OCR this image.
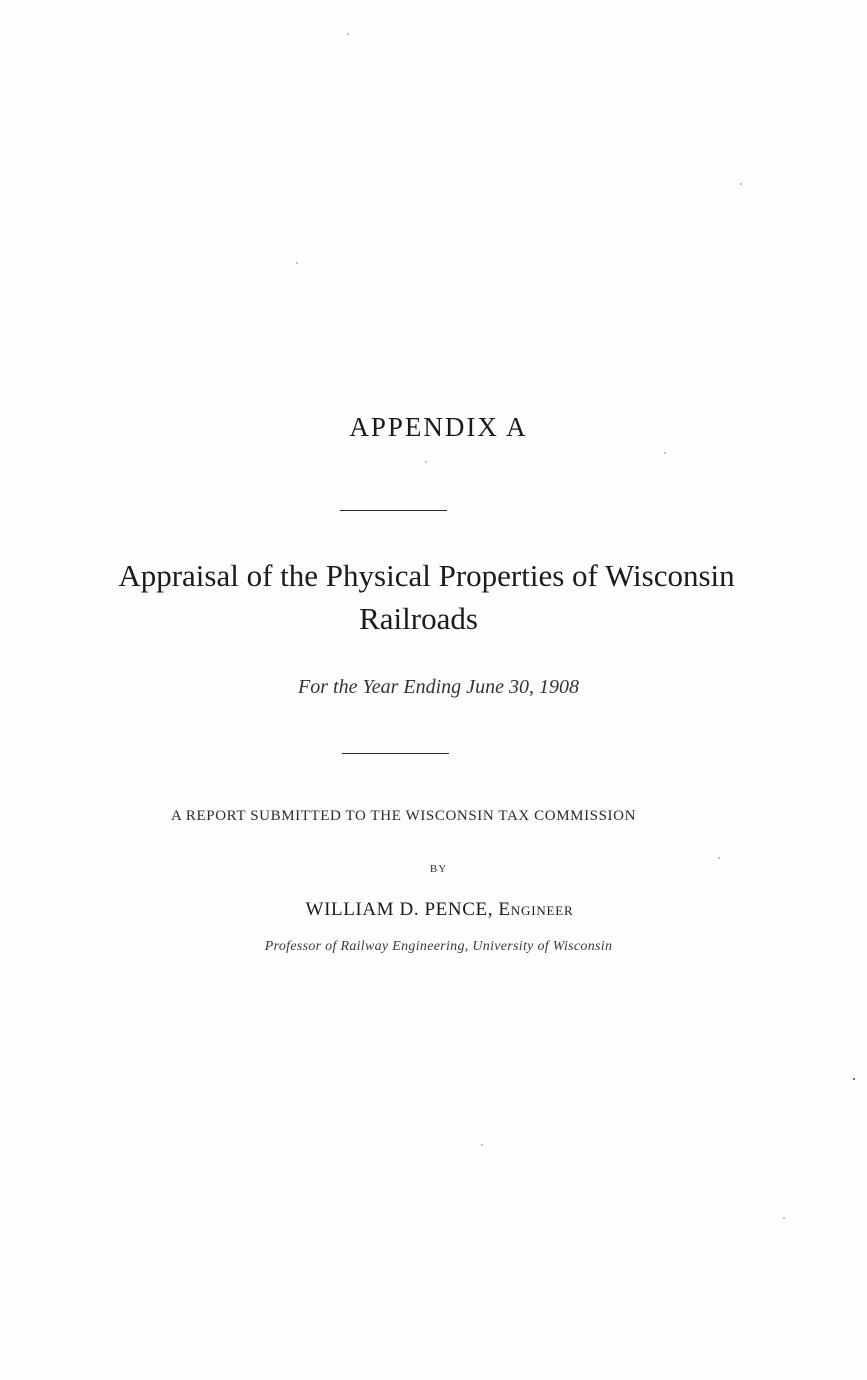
APPENDIX A
Appraisal of the Physical Properties of Wisconsin
Railroads
For the Year Ending June 30, 1908
A REPORT SUBMITTED TO THE WISCONSIN TAX COMMISSION
BY
WILLIAM D. PENCE, Engineer
Professor of Railway Engineering, University of Wisconsin
